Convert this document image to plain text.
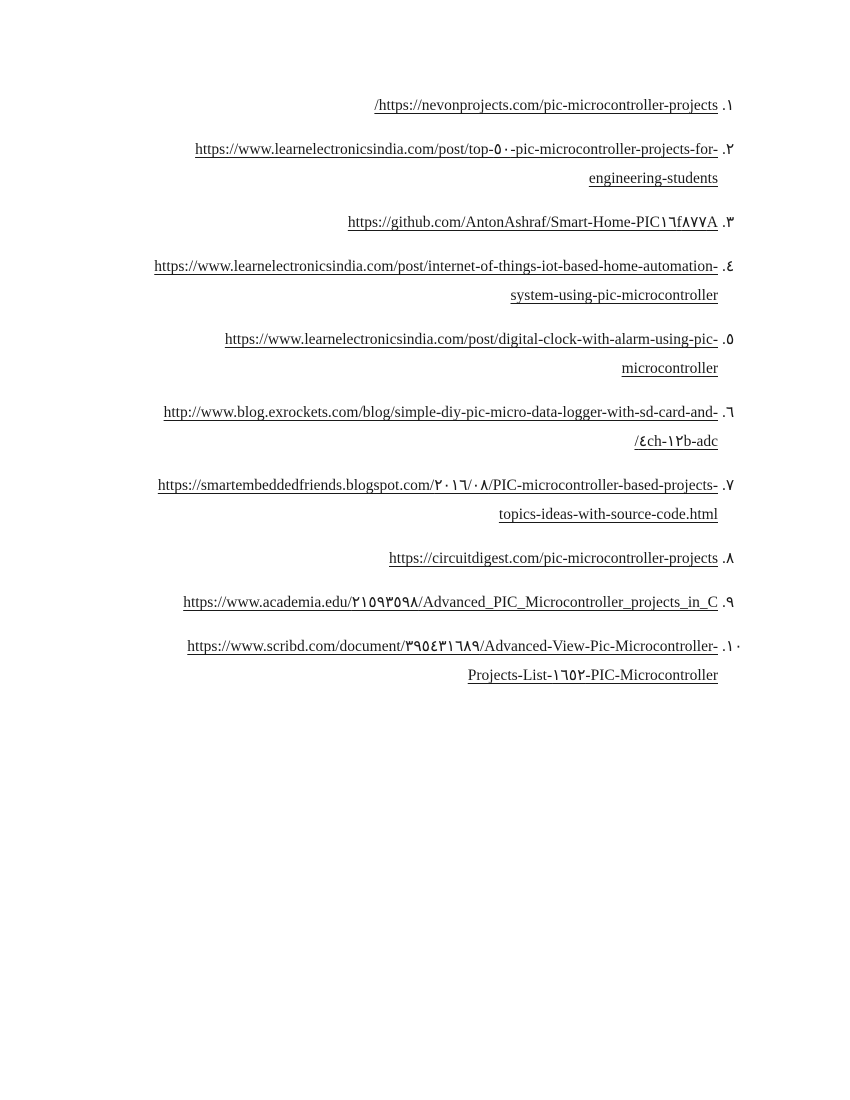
.١
/https://nevonprojects.com/pic-microcontroller-projects
.٢
https://www.learnelectronicsindia.com/post/top-٥٠-pic-microcontroller-projects-for-
engineering-students
.٣
https://github.com/AntonAshraf/Smart-Home-PIC١٦f٨٧٧A
.٤
https://www.learnelectronicsindia.com/post/internet-of-things-iot-based-home-automation-
system-using-pic-microcontroller
.٥
https://www.learnelectronicsindia.com/post/digital-clock-with-alarm-using-pic-
microcontroller
.٦
http://www.blog.exrockets.com/blog/simple-diy-pic-micro-data-logger-with-sd-card-and-
/٤ch-١٢b-adc
.٧
https://smartembeddedfriends.blogspot.com/٢٠١٦/٠٨/PIC-microcontroller-based-projects-
topics-ideas-with-source-code.html
.٨
https://circuitdigest.com/pic-microcontroller-projects
.٩
https://www.academia.edu/٢١٥٩٣٥٩٨/Advanced_PIC_Microcontroller_projects_in_C
.١٠
https://www.scribd.com/document/٣٩٥٤٣١٦٨٩/Advanced-View-Pic-Microcontroller-
Projects-List-١٦٥٢-PIC-Microcontroller
